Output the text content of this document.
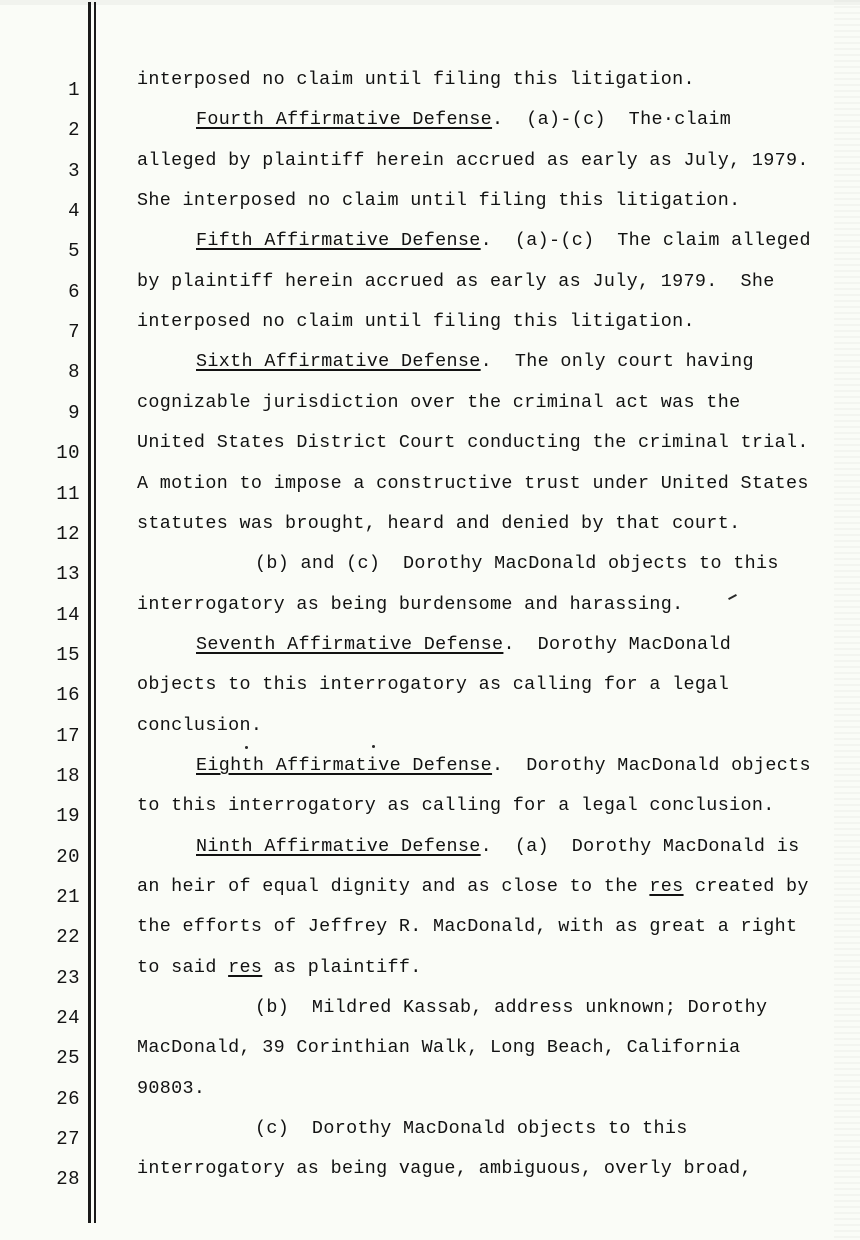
1
2
3
4
5
6
7
8
9
10
11
12
13
14
15
16
17
18
19
20
21
22
23
24
25
26
27
28
interposed no claim until filing this litigation.
Fourth Affirmative Defense.  (a)-(c)  The·claim
alleged by plaintiff herein accrued as early as July, 1979.
She interposed no claim until filing this litigation.
Fifth Affirmative Defense.  (a)-(c)  The claim alleged
by plaintiff herein accrued as early as July, 1979.  She
interposed no claim until filing this litigation.
Sixth Affirmative Defense.  The only court having
cognizable jurisdiction over the criminal act was the
United States District Court conducting the criminal trial.
A motion to impose a constructive trust under United States
statutes was brought, heard and denied by that court.
(b) and (c)  Dorothy MacDonald objects to this
interrogatory as being burdensome and harassing.
Seventh Affirmative Defense.  Dorothy MacDonald
objects to this interrogatory as calling for a legal
conclusion.
Eighth Affirmative Defense.  Dorothy MacDonald objects
to this interrogatory as calling for a legal conclusion.
Ninth Affirmative Defense.  (a)  Dorothy MacDonald is
an heir of equal dignity and as close to the res created by
the efforts of Jeffrey R. MacDonald, with as great a right
to said res as plaintiff.
(b)  Mildred Kassab, address unknown; Dorothy
MacDonald, 39 Corinthian Walk, Long Beach, California
90803.
(c)  Dorothy MacDonald objects to this
interrogatory as being vague, ambiguous, overly broad,
